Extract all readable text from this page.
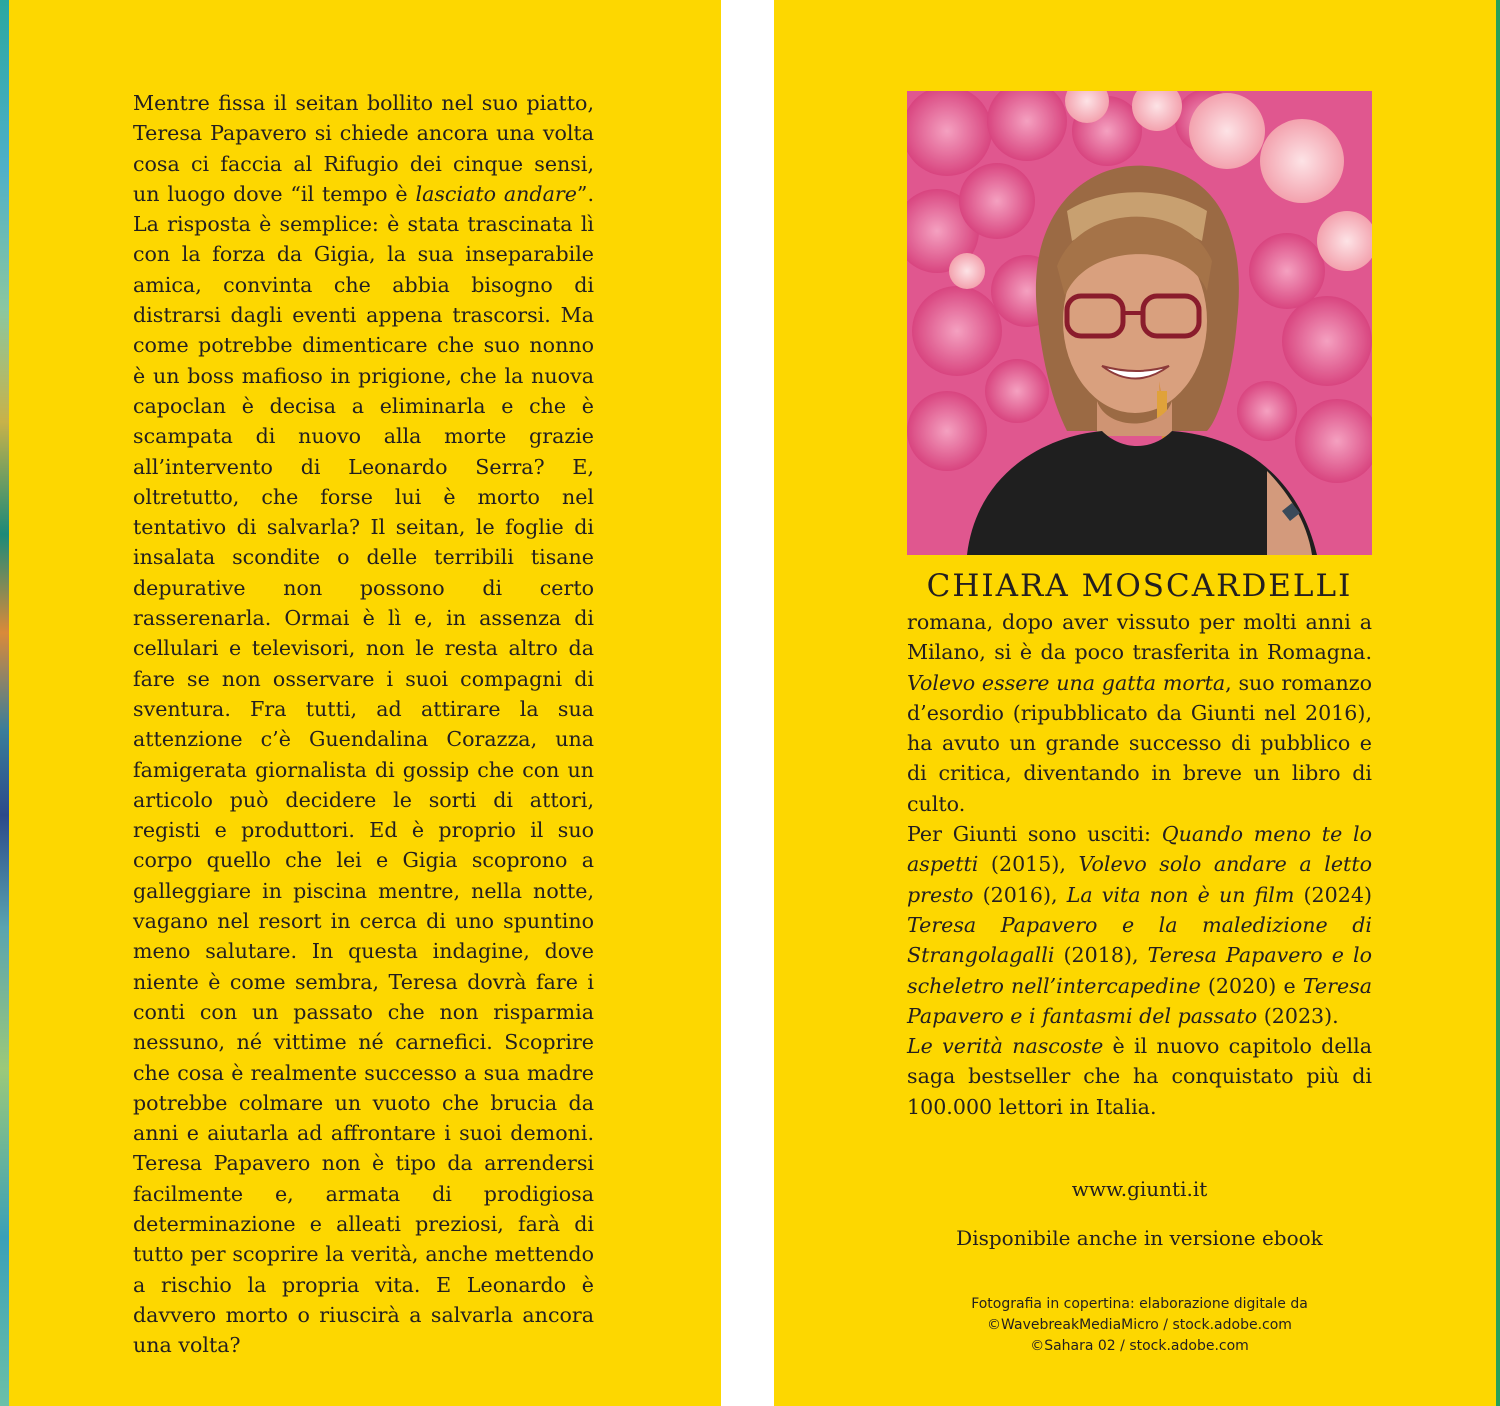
Mentre fissa il seitan bollito nel suo piatto, Teresa Papavero si chiede ancora una volta cosa ci faccia al Rifugio dei cinque sensi, un luogo dove “il tempo è lasciato andare”. La risposta è semplice: è stata trascinata lì con la forza da Gigia, la sua inseparabile amica, convinta che abbia bisogno di distrarsi dagli eventi appena trascorsi. Ma come potrebbe dimenticare che suo nonno è un boss mafioso in prigione, che la nuova capoclan è decisa a eliminarla e che è scampata di nuovo alla morte grazie all’intervento di Leonardo Serra? E, oltretutto, che forse lui è morto nel tentativo di salvarla? Il seitan, le foglie di insalata scondite o delle terribili tisane depurative non possono di certo rasserenarla. Ormai è lì e, in assenza di cellulari e televisori, non le resta altro da fare se non osservare i suoi compagni di sventura. Fra tutti, ad attirare la sua attenzione c’è Guendalina Corazza, una famigerata giornalista di gossip che con un articolo può decidere le sorti di attori, registi e produttori. Ed è proprio il suo corpo quello che lei e Gigia scoprono a galleggiare in piscina mentre, nella notte, vagano nel resort in cerca di uno spuntino meno salutare. In questa indagine, dove niente è come sembra, Teresa dovrà fare i conti con un passato che non risparmia nessuno, né vittime né carnefici. Scoprire che cosa è realmente successo a sua madre potrebbe colmare un vuoto che brucia da anni e aiutarla ad affrontare i suoi demoni. Teresa Papavero non è tipo da arrendersi facilmente e, armata di prodigiosa determinazione e alleati preziosi, farà di tutto per scoprire la verità, anche mettendo a rischio la propria vita. E Leonardo è davvero morto o riuscirà a salvarla ancora una volta?

CHIARA MOSCARDELLI

romana, dopo aver vissuto per molti anni a Milano, si è da poco trasferita in Romagna. Volevo essere una gatta morta, suo romanzo d’esordio (ripubblicato da Giunti nel 2016), ha avuto un grande successo di pubblico e di critica, diventando in breve un libro di culto.

Per Giunti sono usciti: Quando meno te lo aspetti (2015), Volevo solo andare a letto presto (2016), La vita non è un film (2024) Teresa Papavero e la maledizione di Strangolagalli (2018), Teresa Papavero e lo scheletro nell’intercapedine (2020) e Teresa Papavero e i fantasmi del passato (2023).

Le verità nascoste è il nuovo capitolo della saga bestseller che ha conquistato più di 100.000 lettori in Italia.

www.giunti.it
Disponibile anche in versione ebook
Fotografia in copertina: elaborazione digitale da
©WavebreakMediaMicro / stock.adobe.com
©Sahara 02 / stock.adobe.com
